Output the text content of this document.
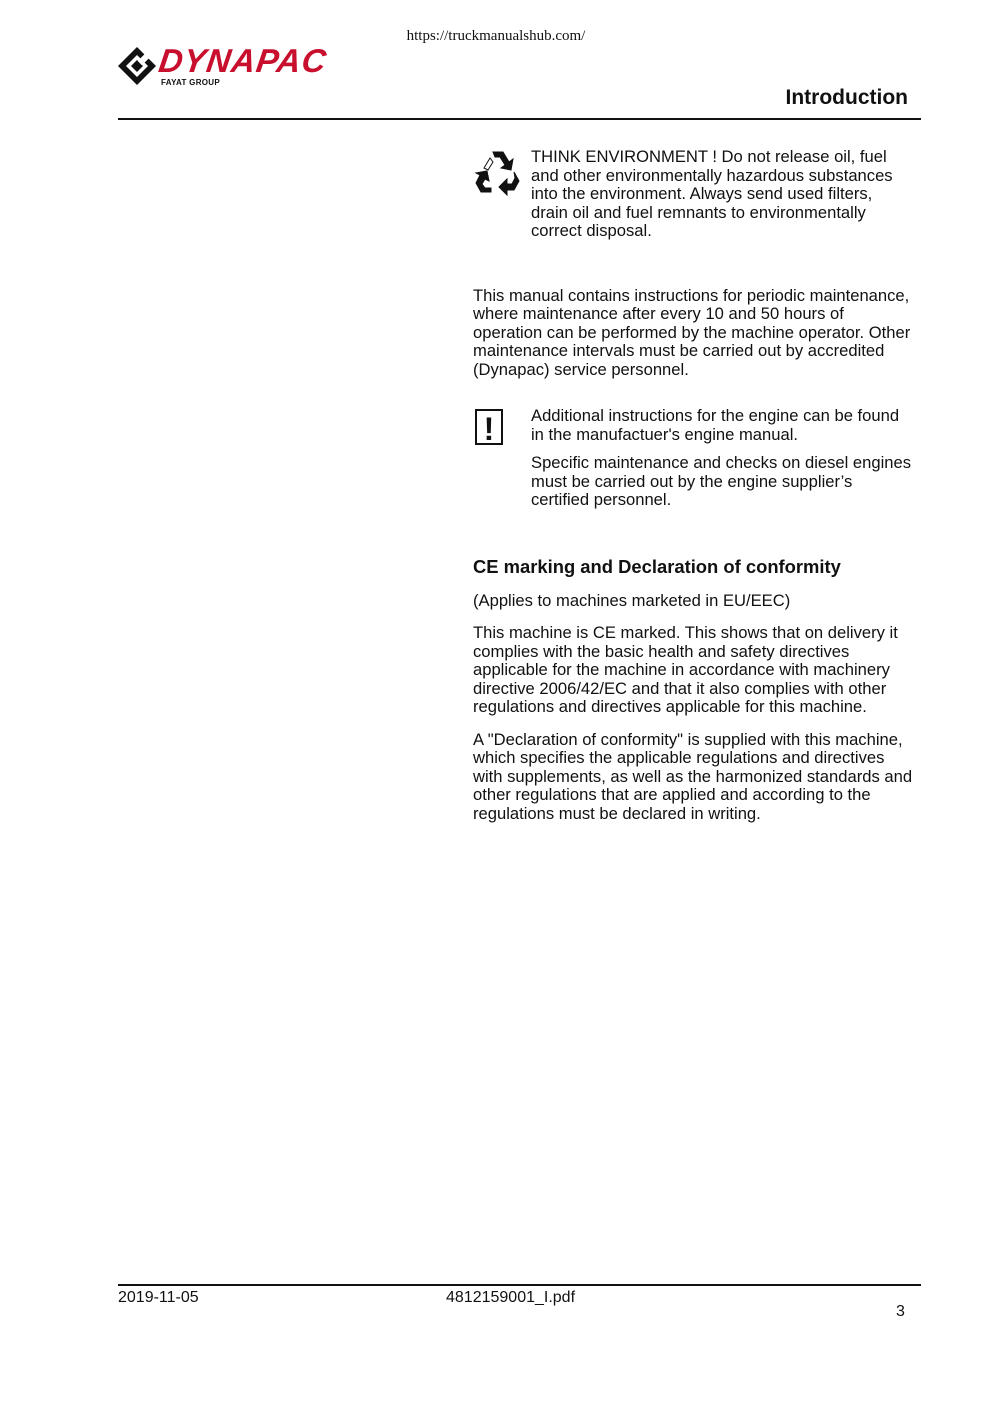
https://truckmanualshub.com/
DYNAPAC
FAYAT GROUP
Introduction

THINK ENVIRONMENT ! Do not release oil, fuel and other environmentally hazardous substances into the environment. Always send used filters, drain oil and fuel remnants to environmentally correct disposal.

This manual contains instructions for periodic maintenance, where maintenance after every 10 and 50 hours of operation can be performed by the machine operator. Other maintenance intervals must be carried out by accredited (Dynapac) service personnel.

!	Additional instructions for the engine can be found in the manufactuer's engine manual.

Specific maintenance and checks on diesel engines must be carried out by the engine supplier’s certified personnel.

CE marking and Declaration of conformity

(Applies to machines marketed in EU/EEC)

This machine is CE marked. This shows that on delivery it complies with the basic health and safety directives applicable for the machine in accordance with machinery directive 2006/42/EC and that it also complies with other regulations and directives applicable for this machine.

A "Declaration of conformity" is supplied with this machine, which specifies the applicable regulations and directives with supplements, as well as the harmonized standards and other regulations that are applied and according to the regulations must be declared in writing.

2019-11-05	4812159001_I.pdf
3
